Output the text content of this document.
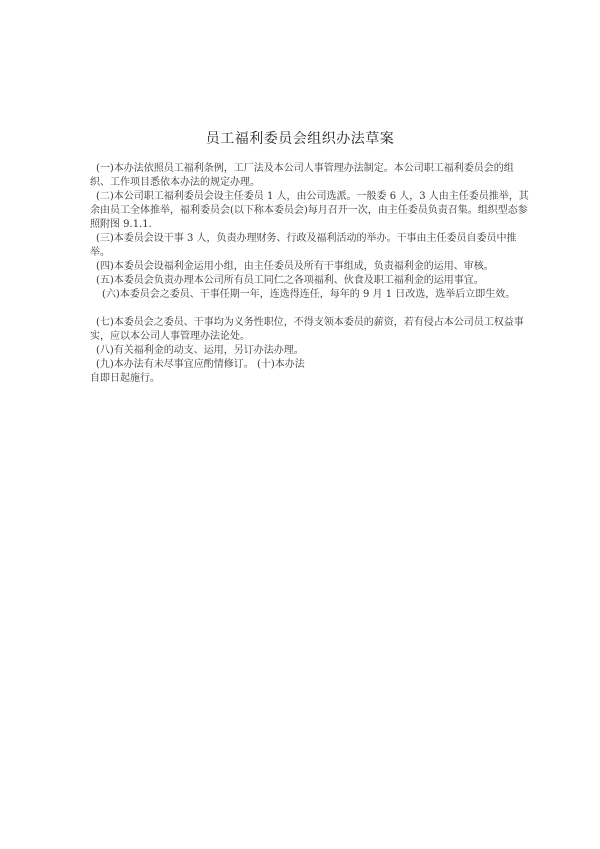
员工福利委员会组织办法草案

(一)本办法依照员工福利条例，工厂法及本公司人事管理办法制定。本公司职工福利委员会的组织、工作项目悉依本办法的规定办理。

(二)本公司职工福利委员会设主任委员 1 人，由公司选派。一般委 6 人，3 人由主任委员推举，其余由员工全体推举，福利委员会(以下称本委员会)每月召开一次，由主任委员负责召集。组织型态参照附图 9.1.1.

(三)本委员会设干事 3 人，负责办理财务、行政及福利活动的举办。干事由主任委员自委员中推举。

(四)本委员会设福利金运用小组，由主任委员及所有干事组成，负责福利金的运用、审核。

(五)本委员会负责办理本公司所有员工同仁之各项福利、伙食及职工福利金的运用事宜。

(六)本委员会之委员、干事任期一年，连选得连任，每年的 9 月 1 日改选，选举后立即生效。

(七)本委员会之委员、干事均为义务性职位，不得支领本委员的薪资，若有侵占本公司员工权益事实，应以本公司人事管理办法论处。

(八)有关福利金的动支、运用，另订办法办理。

(九)本办法有未尽事宜应酌情修订。 (十)本办法

自即日起施行。
